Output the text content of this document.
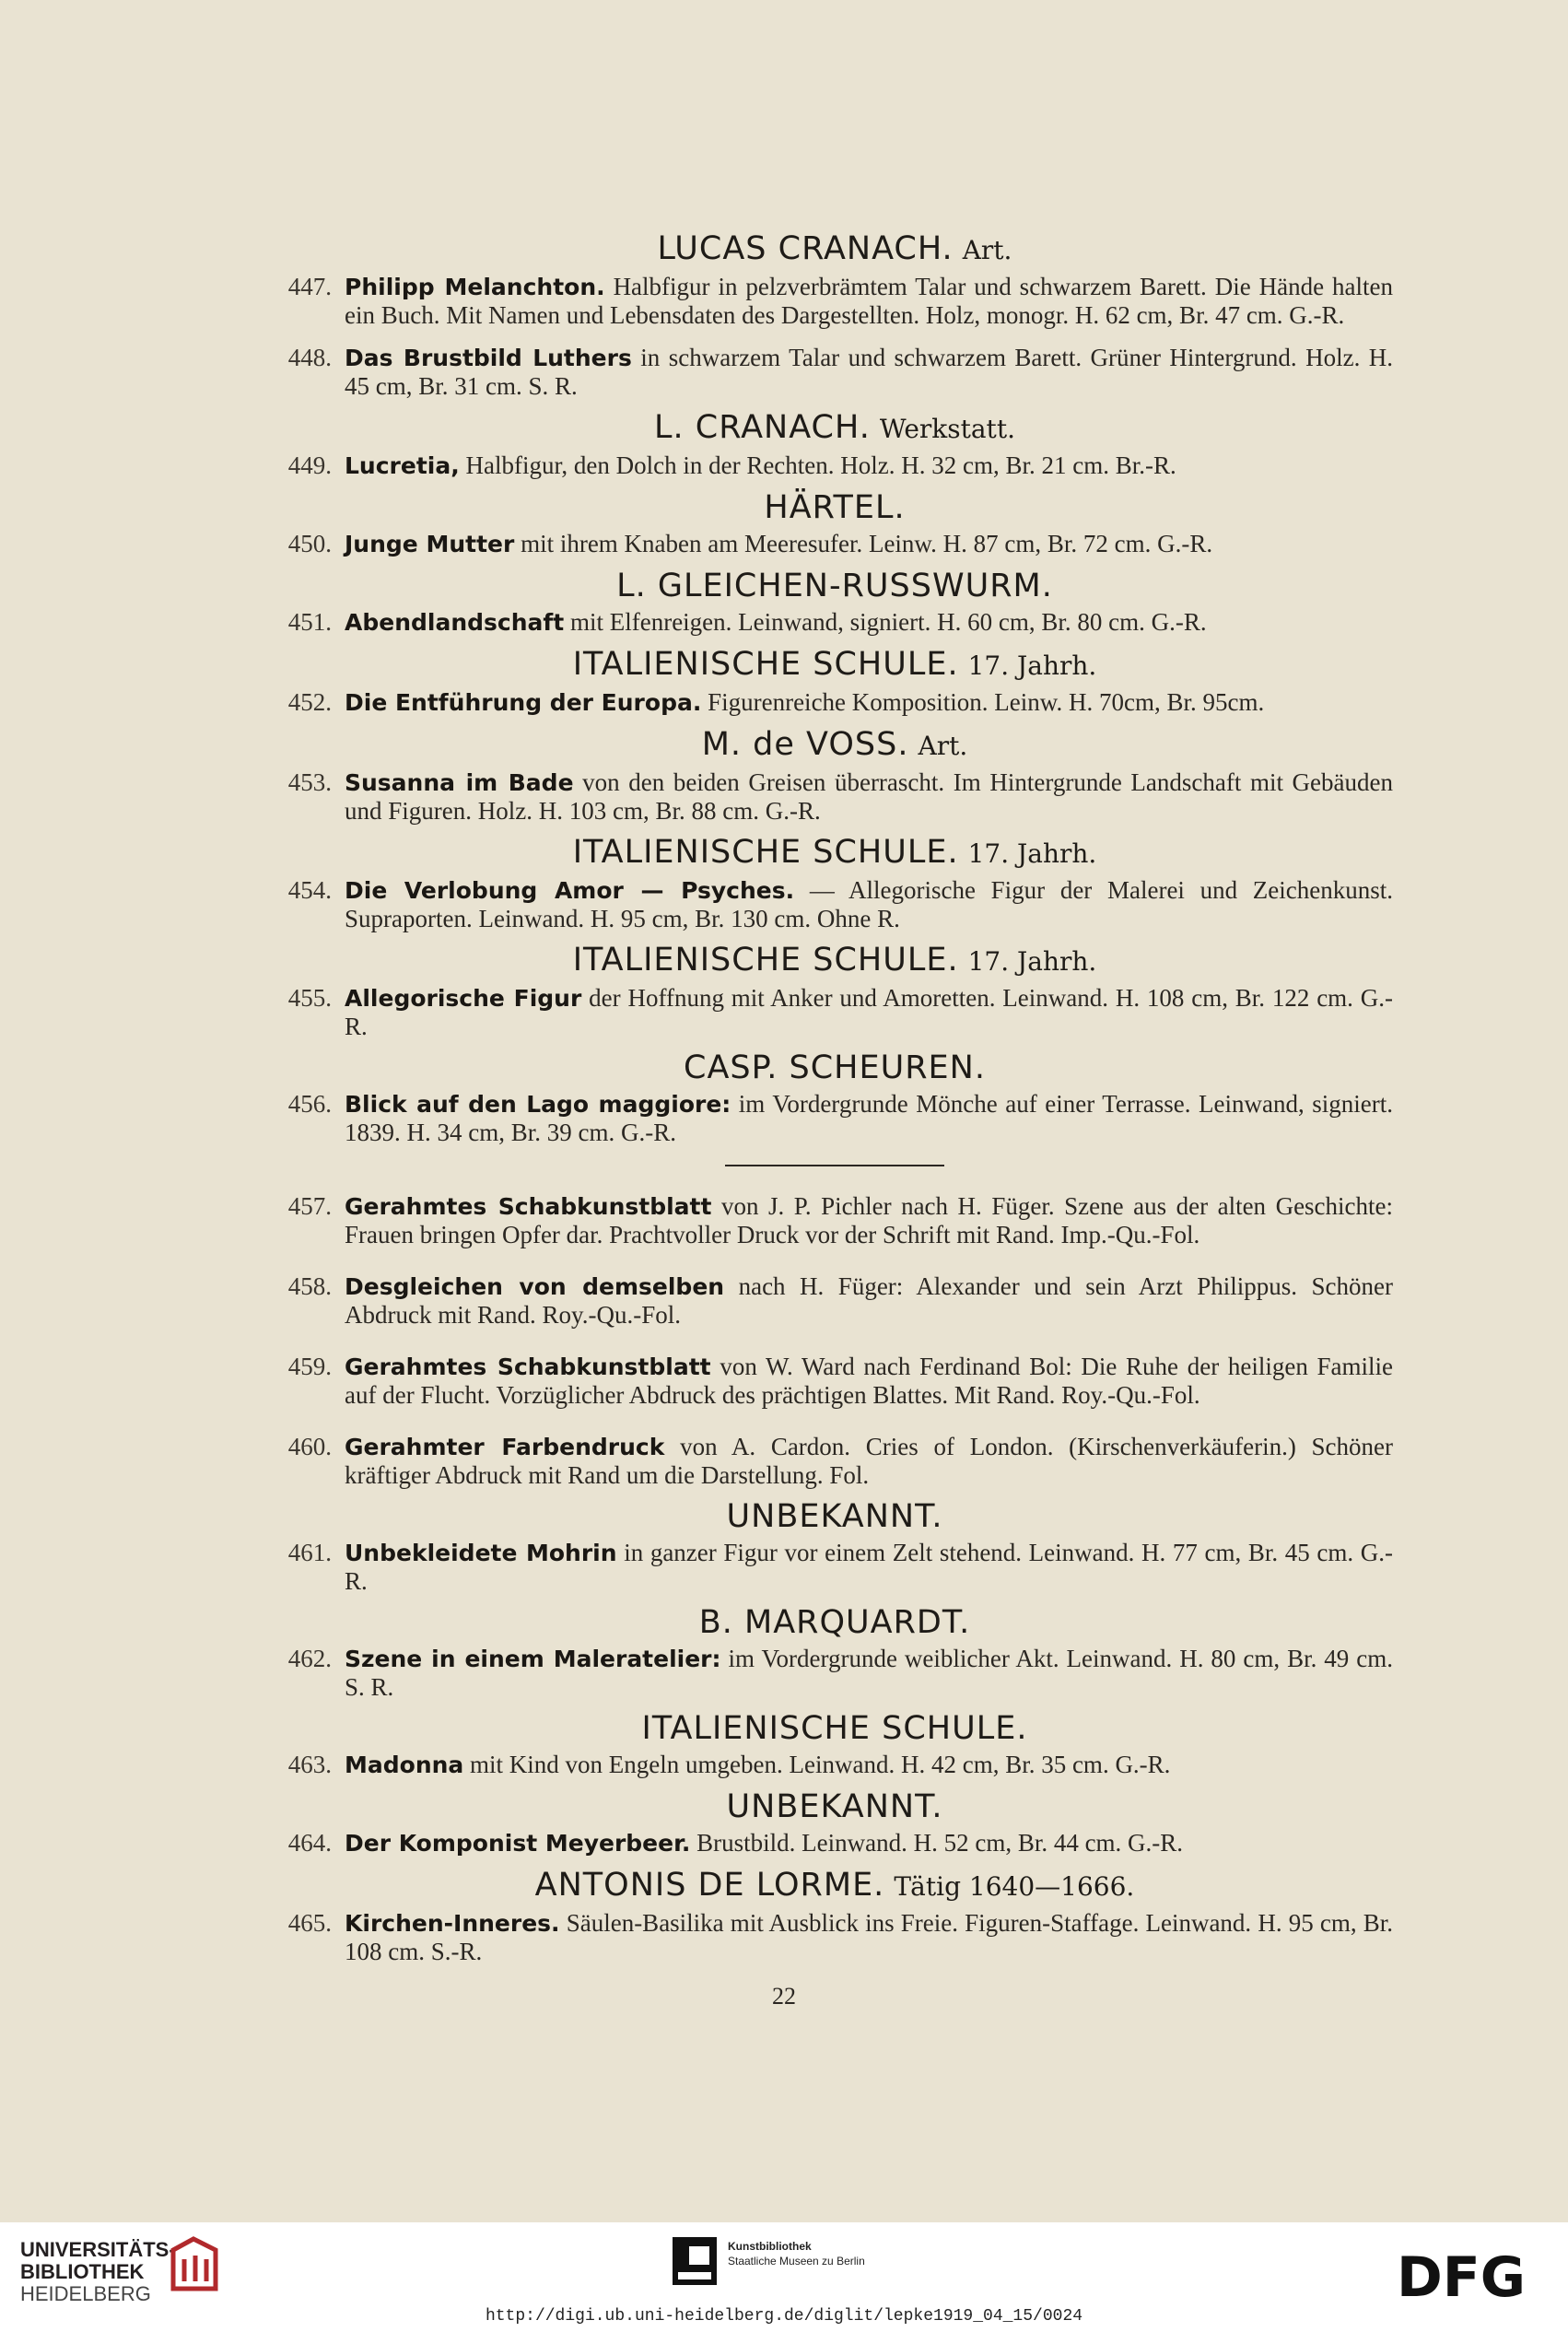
LUCAS CRANACH. Art.
447. Philipp Melanchton. Halbfigur in pelzverbrämtem Talar und schwarzem Barett. Die Hände halten ein Buch. Mit Namen und Lebensdaten des Dargestellten. Holz, monogr. H. 62 cm, Br. 47 cm. G.-R.
448. Das Brustbild Luthers in schwarzem Talar und schwarzem Barett. Grüner Hintergrund. Holz. H. 45 cm, Br. 31 cm. S. R.
L. CRANACH. Werkstatt.
449. Lucretia, Halbfigur, den Dolch in der Rechten. Holz. H. 32 cm, Br. 21 cm. Br.-R.
HÄRTEL.
450. Junge Mutter mit ihrem Knaben am Meeresufer. Leinw. H. 87 cm, Br. 72 cm. G.-R.
L. GLEICHEN-RUSSWURM.
451. Abendlandschaft mit Elfenreigen. Leinwand, signiert. H. 60 cm, Br. 80 cm. G.-R.
ITALIENISCHE SCHULE. 17. Jahrh.
452. Die Entführung der Europa. Figurenreiche Komposition. Leinw. H. 70cm, Br. 95cm.
M. de VOSS. Art.
453. Susanna im Bade von den beiden Greisen überrascht. Im Hintergrunde Landschaft mit Gebäuden und Figuren. Holz. H. 103 cm, Br. 88 cm. G.-R.
ITALIENISCHE SCHULE. 17. Jahrh.
454. Die Verlobung Amor — Psyches. — Allegorische Figur der Malerei und Zeichenkunst. Supraporten. Leinwand. H. 95 cm, Br. 130 cm. Ohne R.
ITALIENISCHE SCHULE. 17. Jahrh.
455. Allegorische Figur der Hoffnung mit Anker und Amoretten. Leinwand. H. 108 cm, Br. 122 cm. G.-R.
CASP. SCHEUREN.
456. Blick auf den Lago maggiore: im Vordergrunde Mönche auf einer Terrasse. Leinwand, signiert. 1839. H. 34 cm, Br. 39 cm. G.-R.
457. Gerahmtes Schabkunstblatt von J. P. Pichler nach H. Füger. Szene aus der alten Geschichte: Frauen bringen Opfer dar. Prachtvoller Druck vor der Schrift mit Rand. Imp.-Qu.-Fol.
458. Desgleichen von demselben nach H. Füger: Alexander und sein Arzt Philippus. Schöner Abdruck mit Rand. Roy.-Qu.-Fol.
459. Gerahmtes Schabkunstblatt von W. Ward nach Ferdinand Bol: Die Ruhe der heiligen Familie auf der Flucht. Vorzüglicher Abdruck des prächtigen Blattes. Mit Rand. Roy.-Qu.-Fol.
460. Gerahmter Farbendruck von A. Cardon. Cries of London. (Kirschenverkäuferin.) Schöner kräftiger Abdruck mit Rand um die Darstellung. Fol.
UNBEKANNT.
461. Unbekleidete Mohrin in ganzer Figur vor einem Zelt stehend. Leinwand. H. 77 cm, Br. 45 cm. G.-R.
B. MARQUARDT.
462. Szene in einem Maleratelier: im Vordergrunde weiblicher Akt. Leinwand. H. 80 cm, Br. 49 cm. S. R.
ITALIENISCHE SCHULE.
463. Madonna mit Kind von Engeln umgeben. Leinwand. H. 42 cm, Br. 35 cm. G.-R.
UNBEKANNT.
464. Der Komponist Meyerbeer. Brustbild. Leinwand. H. 52 cm, Br. 44 cm. G.-R.
ANTONIS DE LORME. Tätig 1640—1666.
465. Kirchen-Inneres. Säulen-Basilika mit Ausblick ins Freie. Figuren-Staffage. Leinwand. H. 95 cm, Br. 108 cm. S.-R.
22
UNIVERSITÄTS-
BIBLIOTHEK
HEIDELBERG
Kunstbibliothek
Staatliche Museen zu Berlin	DFG
http://digi.ub.uni-heidelberg.de/diglit/lepke1919_04_15/0024
